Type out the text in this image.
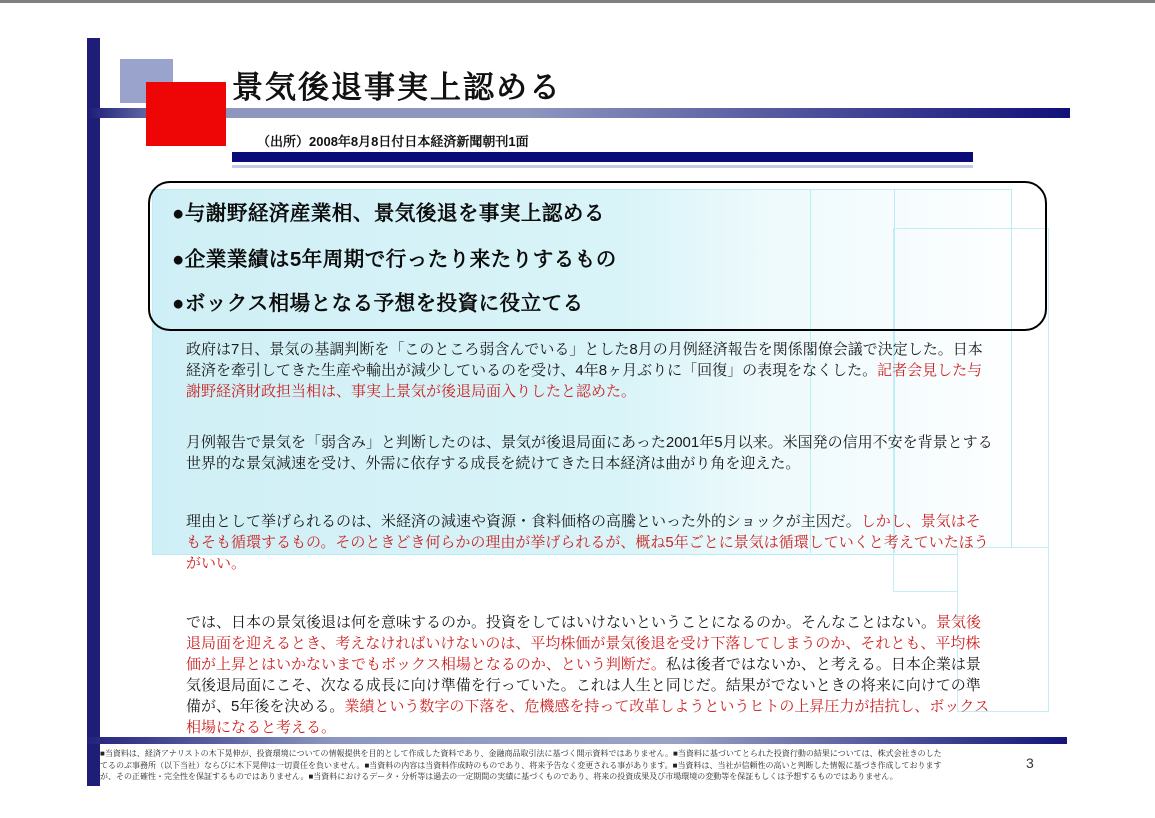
景気後退事実上認める
（出所）2008年8月8日付日本経済新聞朝刊1面
●与謝野経済産業相、景気後退を事実上認める
●企業業績は5年周期で行ったり来たりするもの
●ボックス相場となる予想を投資に役立てる
政府は7日、景気の基調判断を「このところ弱含んでいる」とした8月の月例経済報告を関係閣僚会議で決定した。日本経済を牽引してきた生産や輸出が減少しているのを受け、4年8ヶ月ぶりに「回復」の表現をなくした。記者会見した与謝野経済財政担当相は、事実上景気が後退局面入りしたと認めた。
月例報告で景気を「弱含み」と判断したのは、景気が後退局面にあった2001年5月以来。米国発の信用不安を背景とする世界的な景気減速を受け、外需に依存する成長を続けてきた日本経済は曲がり角を迎えた。
理由として挙げられるのは、米経済の減速や資源・食料価格の高騰といった外的ショックが主因だ。しかし、景気はそもそも循環するもの。そのときどき何らかの理由が挙げられるが、概ね5年ごとに景気は循環していくと考えていたほうがいい。
では、日本の景気後退は何を意味するのか。投資をしてはいけないということになるのか。そんなことはない。景気後退局面を迎えるとき、考えなければいけないのは、平均株価が景気後退を受け下落してしまうのか、それとも、平均株価が上昇とはいかないまでもボックス相場となるのか、という判断だ。私は後者ではないか、と考える。日本企業は景気後退局面にこそ、次なる成長に向け準備を行っていた。これは人生と同じだ。結果がでないときの将来に向けての準備が、5年後を決める。業績という数字の下落を、危機感を持って改革しようというヒトの上昇圧力が拮抗し、ボックス相場になると考える。
■当資料は、経済アナリストの木下晃伸が、投資環境についての情報提供を目的として作成した資料であり、金融商品取引法に基づく開示資料ではありません。■当資料に基づいてとられた投資行動の結果については、株式会社きのした
てるのぶ事務所（以下当社）ならびに木下晃伸は一切責任を負いません。■当資料の内容は当資料作成時のものであり、将来予告なく変更される事があります。■当資料は、当社が信頼性の高いと判断した情報に基づき作成しております
が、その正確性・完全性を保証するものではありません。■当資料におけるデータ・分析等は過去の一定期間の実績に基づくものであり、将来の投資成果及び市場環境の変動等を保証もしくは予想するものではありません。
3
